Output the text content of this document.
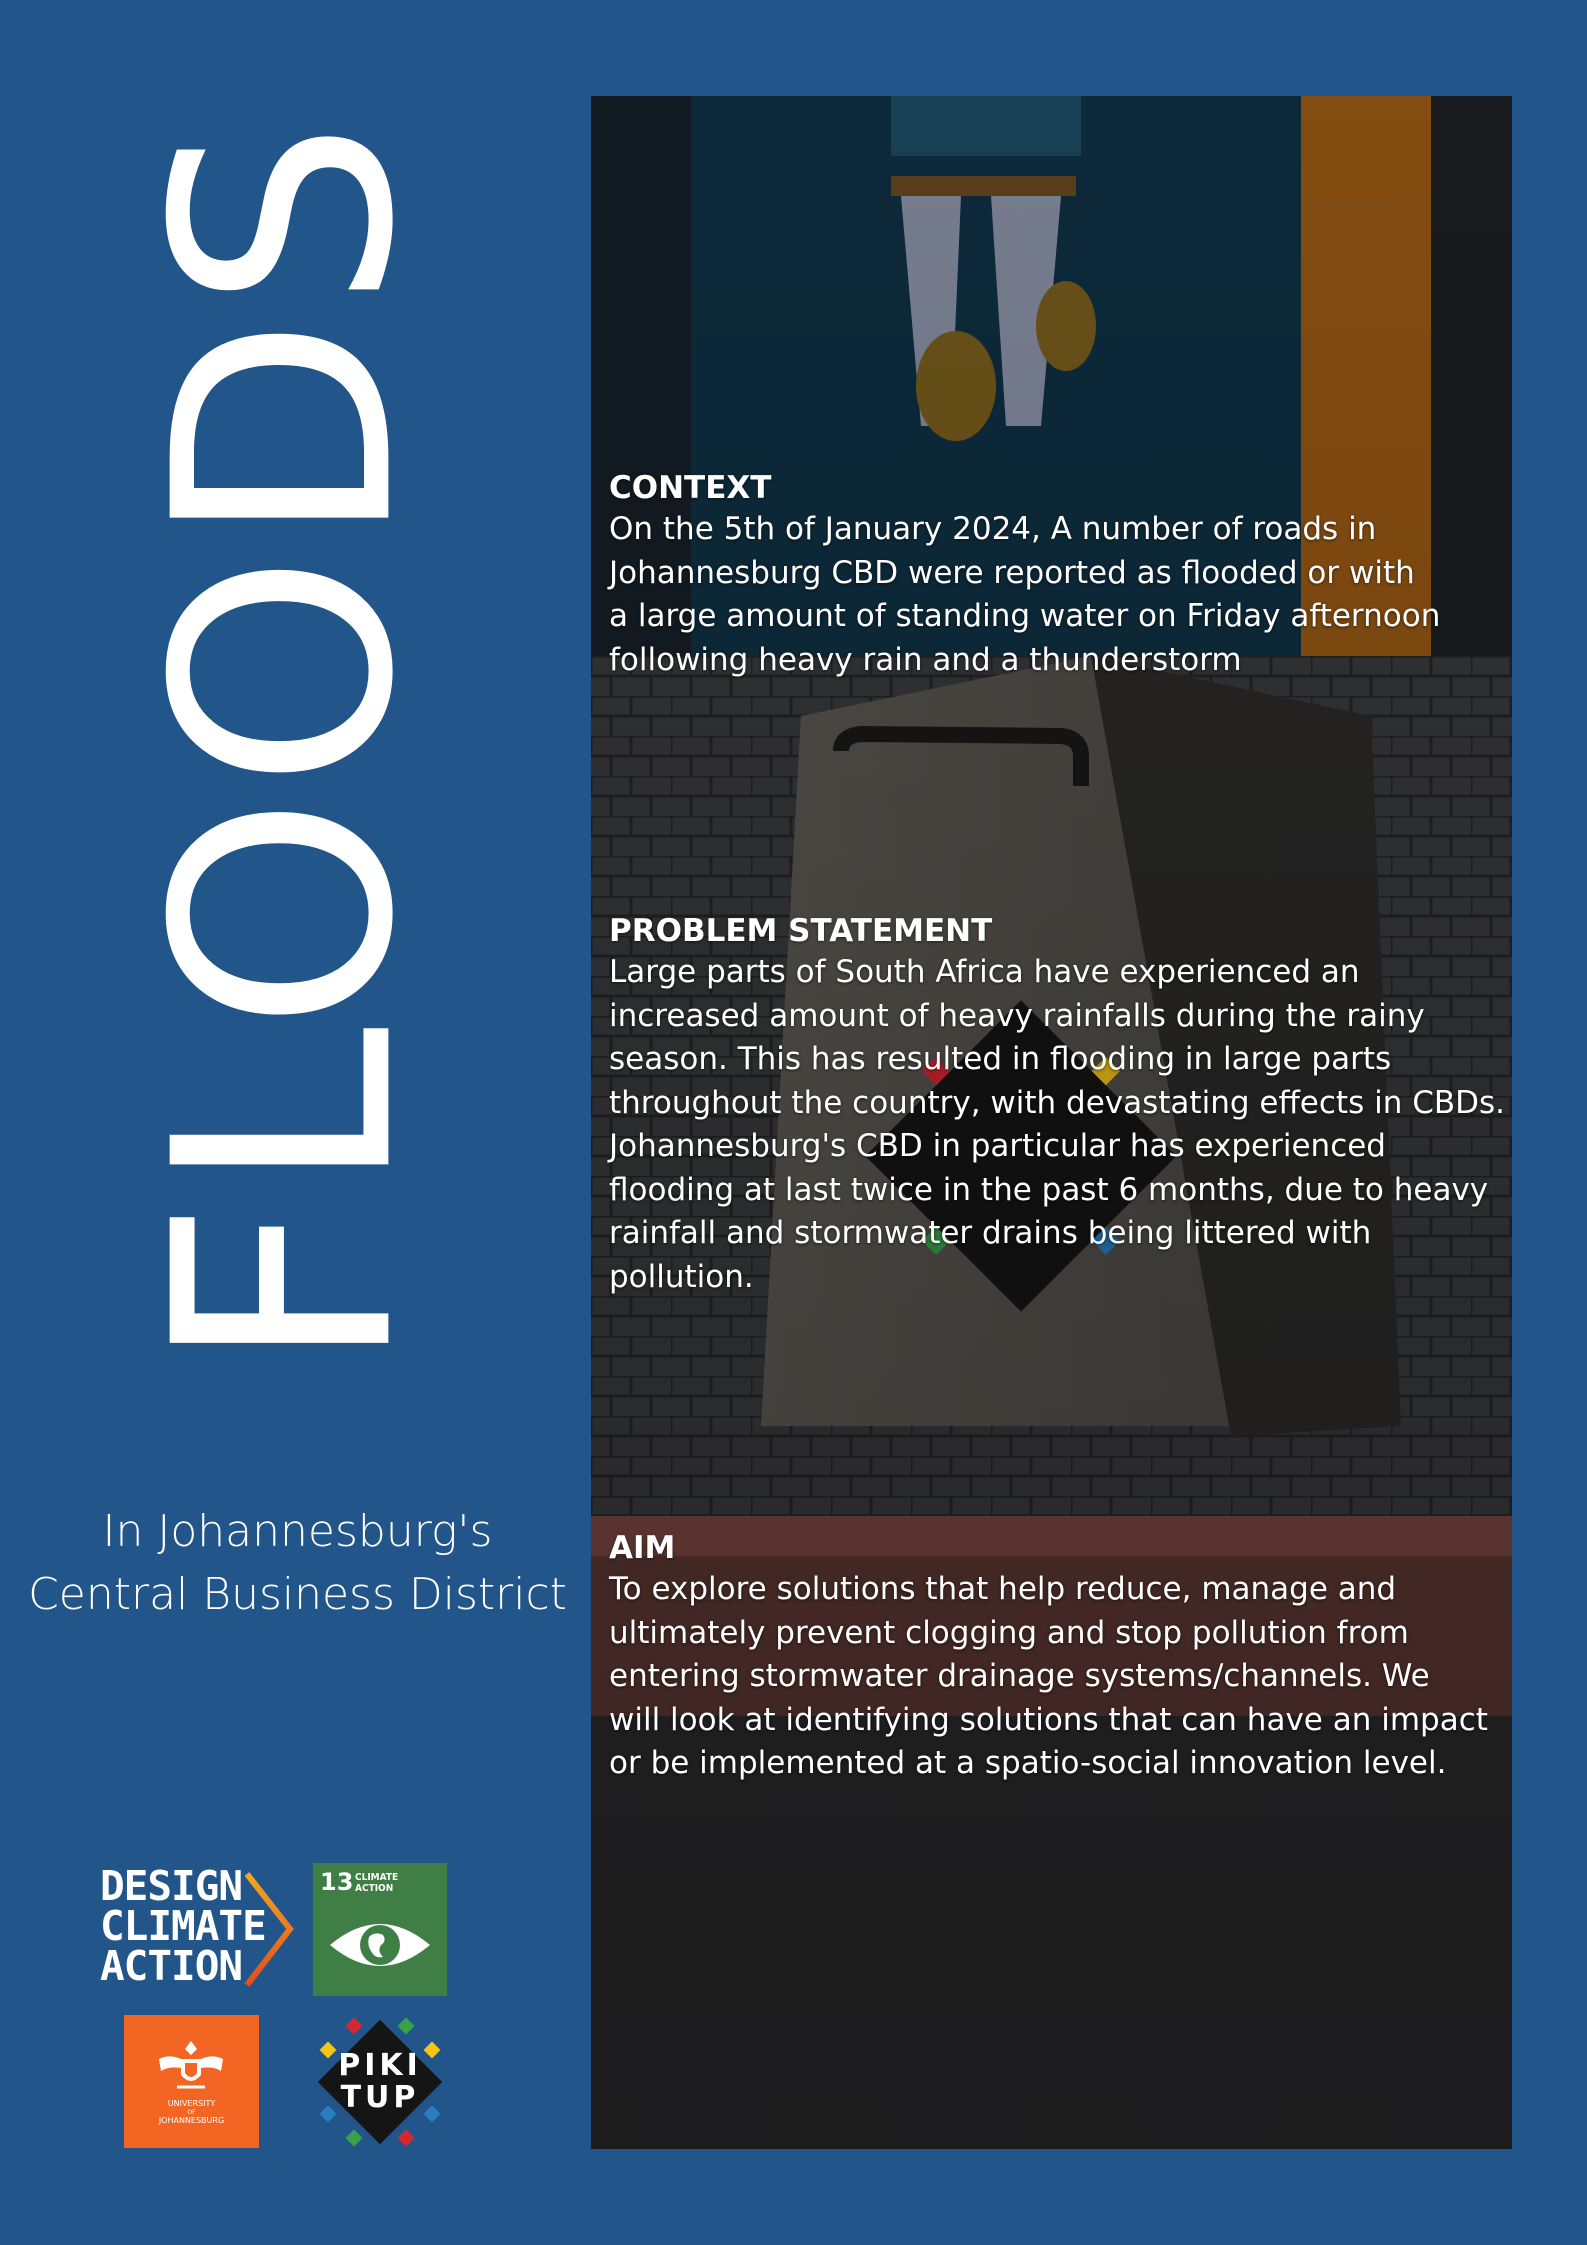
FLOODS
In Johannesburg's
Central Business District
CONTEXT
On the 5th of January 2024, A number of roads in
Johannesburg CBD were reported as flooded or with
a large amount of standing water on Friday afternoon
following heavy rain and a thunderstorm
PROBLEM STATEMENT
Large parts of South Africa have experienced an
increased amount of heavy rainfalls during the rainy
season. This has resulted in flooding in large parts
throughout the country, with devastating effects in CBDs.
Johannesburg's CBD in particular has experienced
flooding at last twice in the past 6 months, due to heavy
rainfall and stormwater drains being littered with
pollution.
AIM
To explore solutions that help reduce, manage and
ultimately prevent clogging and stop pollution from
entering stormwater drainage systems/channels. We
will look at identifying solutions that can have an impact
or be implemented at a spatio-social innovation level.
DESIGN
CLIMATE
ACTION
13 CLIMATE
ACTION
UNIVERSITY
OF
JOHANNESBURG
PIKI
TUP
